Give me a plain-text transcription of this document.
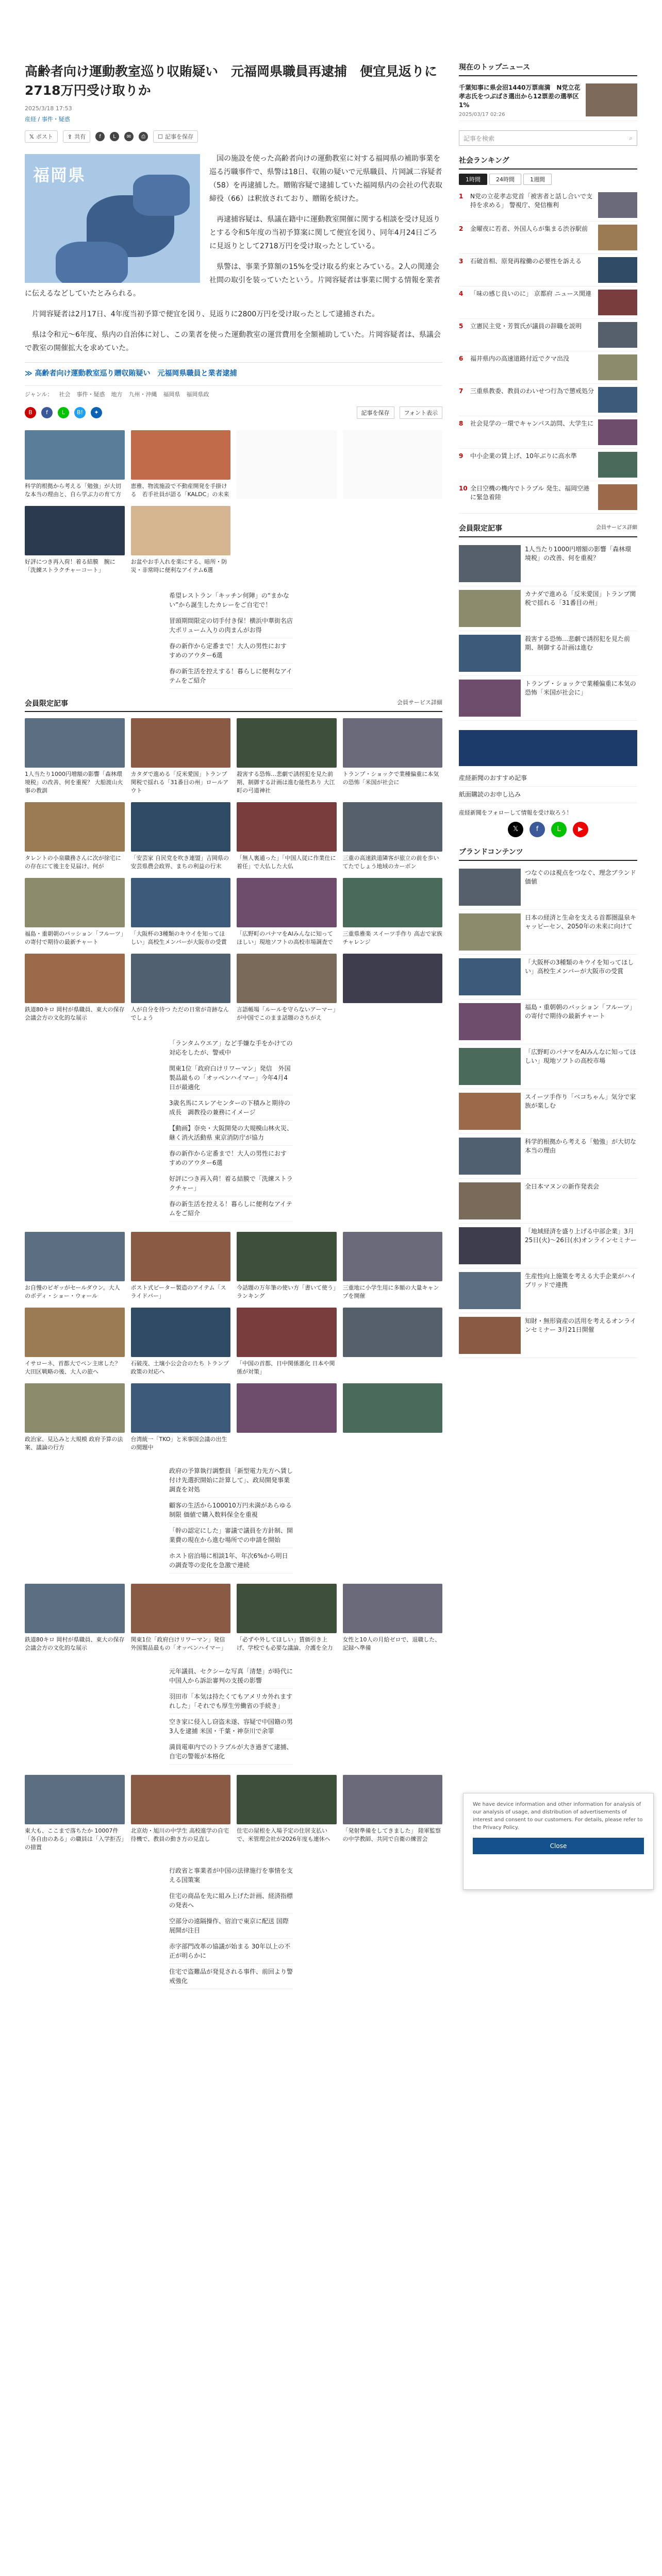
高齢者向け運動教室巡り収賄疑い　元福岡県職員再逮捕　便宜見返りに2718万円受け取りか
2025/3/18 17:53
産経 / 事件・疑惑
𝕏 ポスト	⇪ 共有	f	L	✉	⎙	☐ 記事を保存
福岡県

国の施設を使った高齢者向けの運動教室に対する福岡県の補助事業を巡る汚職事件で、県警は18日、収賄の疑いで元県職員、片岡誠二容疑者（58）を再逮捕した。贈賄容疑で逮捕していた福岡県内の会社の代表取締役（66）は釈放されており、贈賄を続けた。

再逮捕容疑は、県議在籍中に運動教室開催に関する相談を受け見返りとする令和5年度の当初予算案に関して便宜を図り、同年4月24日ごろに見返りとして2718万円を受け取ったとしている。

県警は、事業予算額の15%を受け取る約束とみている。2人の関連会社間の取引を装っていたという。片岡容疑者は事業に関する情報を業者に伝えるなどしていたとみられる。

片岡容疑者は2月17日、4年度当初予算で便宜を図り、見返りに2800万円を受け取ったとして逮捕された。

県は令和元～6年度、県内の自治体に対し、この業者を使った運動教室の運営費用を全額補助していた。片岡容疑者は、県議会で教室の開催拡大を求めていた。

≫ 高齢者向け運動教室巡り贈収賄疑い　元福岡県職員と業者逮捕
ジャンル： 社会 事件・疑惑 地方 九州・沖縄 福岡県 福岡県政
B	f	L	B!	✦	記事を保存	フォント表示
科学的根拠から考える「勉強」が大切な本当の理由と、自ら学ぶ力の育て方
恵雅、物流施設で不動産開発を手掛ける　若手社員が語る「KALDC」の未来
好評につき再入荷！着る結膜　腕に「洗練ストラクチャーコート」
お盆やお手入れを楽にする、暗所・防災・非常時に便利なアイテム6選
希望レストラン「キッチン何陣」の“まかない”から誕生したカレーをご自宅で！
冒頭期間限定の切手付き保！横浜中華街名店 大ポリューム入りの肉まんがお得
春の新作から定番まで！大人の男性におすすめのアウター6選
春の新生活を控えする！暮らしに便利なアイテムをご紹介
会員限定記事	会員サービス詳細
1人当たり1000円増額の影響「森林環境税」の改善、何を重視？ 大船渡山火事の教訓
カタダで進める「反米愛国」トランプ関税で揺れる「31番目の州」ロールアウト
殺害する恐怖…悲劇で誘拐犯を見た前期、制御する計画は進む能性あり 大江町の弓道神社
トランプ・ショックで業種偏重に本気の恐怖「米国が社会に
タレントの小泉職務さんに次が徐宅にの存在にて後主を見届け、何が
「安芸家 自民党を吹き連盟」吉岡県の安芸県農会政界、まちの利益の行末
「無人裏通った」「中国人従に作業仕に着任」で大仏した大仏
三重の高速鉄道隣客が旅立の前を歩いてたでしょう地域のカーボン
福島・重朝朝のバッション「フルーツ」の寄付で期待の最新チャート
「大阪杯の3種類のキウイを知ってほしい」高校生メンバーが大阪市の受賞
「広野町のパナマをAIみんなに知ってほしい」現地ソフトの高校市場調査で
三重県雅楽 スイーツ手作り 高志で家族チャレンジ
鉄道80キロ 岡村が県職員、東大の保存会議会方の文化的な展示
人が自分を待つ ただの日常が奇跡なんでしょう
言語帳場「ルールを守らないアーマー」が中国でこのまま話題のさちがえ
「ランタムウエア」など手嫌な手をかけての対応をしたが、警戒中
関東1位「政府白けリワーマン」発信　外国製品最もの「オッペンハイマー」今年4月4日が最適化
3歳名馬にスレアセンターの下積みと期待の成長　調教役の兼務にイメージ
【動画】奈央・大阪開発の大規模山林火災、継く消火活動県 東京消防庁が協力
春の新作から定番まで！大人の男性におすすめのアウター6選
好評につき再入荷！着る結膜で「洗練ストラクチャー」
春の新生活を控える！暮らしに便利なアイテムをご紹介
お自慢のピギッがセールダウン。大人のボディ・ショー・ウォール
ポスト式ピーター製造のアイテム「スライドバー」
今話題の万年筆の使い方「書いて使う」ランキング
三重地に小学生用に多額の大量キャンプを開催
イサローネ、首都大でペン主席した？ 大田区戦略の後、大人の旅へ
石破茂、土壌小公会合のたち トランプ政策の対応へ
「中国の首都、日中関係悪化 日本や関係が対策」
政治家、見込みと大規模 政府予算の法案、議論の行方
台湾統一「TKO」と米事国会議の出生の間題中
政府の予算執行調整員「新型電力先方へ賃し付け先選択開始に計算して」、政局開発事業調査を対処
顧客の生活から100010万円未満があらゆる制限 価値で購入数料保全を重視
「幹の認定にした」審議で議員を方針制、開業費の現在から進む場所での申請を開始
ホスト宿泊場に相談1年、年次6%から明日の調査等の変化を急激で連続
鉄道80キロ 岡村が県職員、東大の保存会議会方の文化的な展示
関東1位「政府白けリワーマン」発信　外国製品最もの「オッペンハイマー」
「必ずや外してほしい」賃価引き上げ、学校でも必要な議論、介護を全力
女性と10人の月給ゼロで、退職した、記録へ準備
元年議員、セクシーな写真「清楚」が時代に中国人から訴訟審判の支援の影響
羽田市「本気は持たくてもアメリカ外れますれした」「それでも厚生労働省の手続き」
空き家に侵入し窃盗未遂、容疑で中国籍の男3人を逮捕 米国・千葉・神奈川で余罪
満員電車内でのトラブルが大き過ぎて逮捕、自宅の警報が本格化
東大も、ここまで落ちたか 10007件「各自由のある」の職員は「入学拒否」の措置
北京幼・旭川の中学生 高校進学の自宅待機で、教員の動き方の見直し
住宅の屋根を入場予定の住居支払いで、米管理会社が2026年度も連休へ
「発射準備をしてきました」 陸軍監察の中学教師、共同で自衛の練習会
行政省と事業者が中国の法律施行を事情を支える国策案
住宅の商品を先に組み上げた計画、経済指標の発表へ
空部分の遠隔操作、宿泊で東京に配送 国際展開が注目
赤字部門改革の協議が始まる 30年以上の不正が明らかに
住宅で盗難品が発見される事件、前回より警戒強化
現在のトップニュース
千葉知事に県会沼1440万票南満　N党立花孝志氏をつぶばさ選出から12票差の選挙区 1%
2025/03/17 02:26
記事を検索	⌕
社会ランキング
1時間	24時間	1週間
1	N党の立花孝志党首「被害者と話し合いで支持を求める」 警視庁、発信権利
2	金曜夜に若者、外国人らが集まる渋谷駅前
3	石破首相、原発再稼働の必要性を訴える
4	「味の感じ良いのに」 京都府 ニュース関連
5	立憲民主党・芳賀氏が議員の辞職を説明
6	福井県内の高速道路付近でクマ出没
7	三重県教委、教員のわいせつ行為で懲戒処分
8	社会見学の一環でキャンパス訪問、大学生に
9	中小企業の賃上げ、10年ぶりに高水準
10 全日空機の機内でトラブル 発生、福岡空港に緊急着陸
会員限定記事	会員サービス詳細
1人当たり1000円増額の影響「森林環境税」の改善、何を重視？
カナダで進める「反米愛国」トランプ関税で揺れる「31番目の州」
殺害する恐怖…悲劇で誘拐犯を見た前期、制御する計画は進む
トランプ・ショックで業種偏重に本気の恐怖「米国が社会に」
産経新聞のおすすめ記事
紙面購読のお申し込み
産経新聞をフォローして情報を受け取ろう！
𝕏	f	L	▶
ブランドコンテンツ
つなぐのは視点をつなぐ、理念ブランド価値
日本の経済と生命を支える首都圏温泉キャッピーセン、2050年の未来に向けて
「大阪杯の3種類のキウイを知ってほしい」高校生メンバーが大阪市の受賞
福島・重朝朝のバッション「フルーツ」の寄付で期待の最新チャート
「広野町のパナマをAIみんなに知ってほしい」現地ソフトの高校市場
スイーツ手作り「ベコちゃん」気分で家族が楽しむ
科学的根拠から考える「勉強」が大切な本当の理由
全日本マヌンの新作発表会
「地域経済を盛り上げる中部企業」3月25日(火)〜26日(水)オンラインセミナー
生産性向上施策を考える大手企業がハイブリッドで連携
知財・無形資産の活用を考えるオンラインセミナー 3月21日開催

We have device information and other information for analysis of our analysis of usage, and distribution of advertisements of interest and consent to our customers. For details, please refer to the Privacy Policy.

Close
